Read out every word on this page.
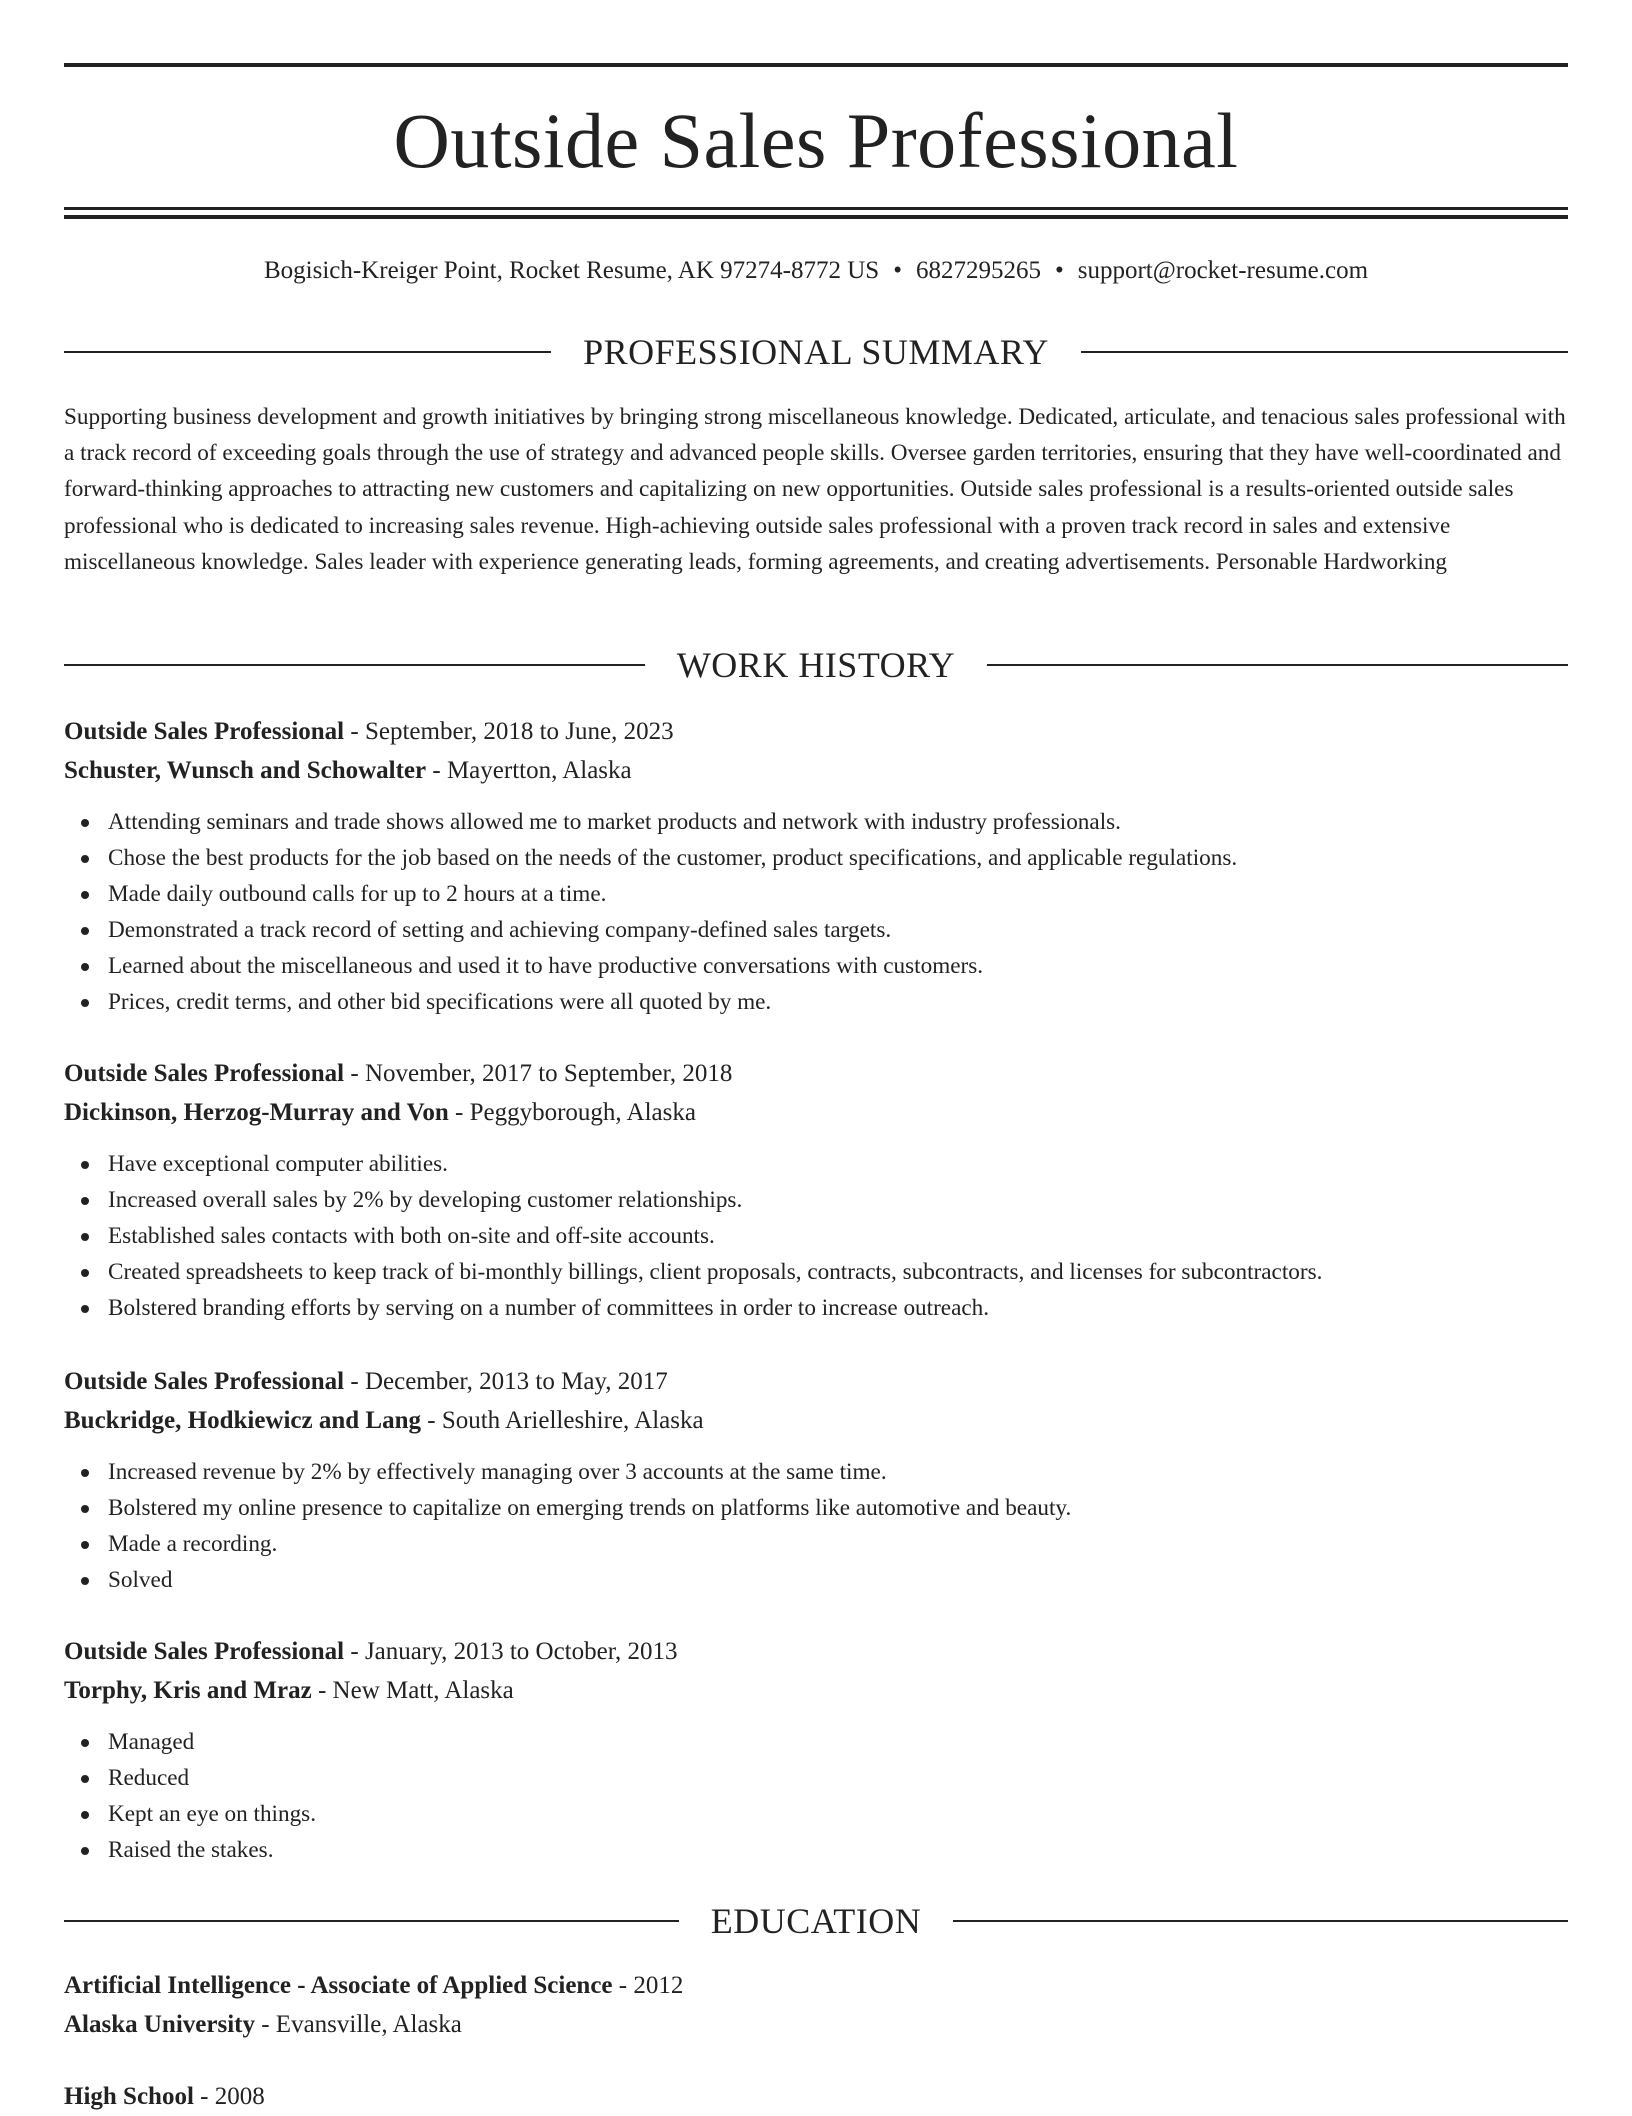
Outside Sales Professional
Bogisich-Kreiger Point, Rocket Resume, AK 97274-8772 US • 6827295265 • support@rocket-resume.com
PROFESSIONAL SUMMARY

Supporting business development and growth initiatives by bringing strong miscellaneous knowledge. Dedicated, articulate, and tenacious sales professional with a track record of exceeding goals through the use of strategy and advanced people skills. Oversee garden territories, ensuring that they have well-coordinated and forward-thinking approaches to attracting new customers and capitalizing on new opportunities. Outside sales professional is a results-oriented outside sales professional who is dedicated to increasing sales revenue. High-achieving outside sales professional with a proven track record in sales and extensive miscellaneous knowledge. Sales leader with experience generating leads, forming agreements, and creating advertisements. Personable Hardworking

WORK HISTORY
Outside Sales Professional - September, 2018 to June, 2023
Schuster, Wunsch and Schowalter - Mayertton, Alaska
Attending seminars and trade shows allowed me to market products and network with industry professionals.
Chose the best products for the job based on the needs of the customer, product specifications, and applicable regulations.
Made daily outbound calls for up to 2 hours at a time.
Demonstrated a track record of setting and achieving company-defined sales targets.
Learned about the miscellaneous and used it to have productive conversations with customers.
Prices, credit terms, and other bid specifications were all quoted by me.
Outside Sales Professional - November, 2017 to September, 2018
Dickinson, Herzog-Murray and Von - Peggyborough, Alaska
Have exceptional computer abilities.
Increased overall sales by 2% by developing customer relationships.
Established sales contacts with both on-site and off-site accounts.
Created spreadsheets to keep track of bi-monthly billings, client proposals, contracts, subcontracts, and licenses for subcontractors.
Bolstered branding efforts by serving on a number of committees in order to increase outreach.
Outside Sales Professional - December, 2013 to May, 2017
Buckridge, Hodkiewicz and Lang - South Arielleshire, Alaska
Increased revenue by 2% by effectively managing over 3 accounts at the same time.
Bolstered my online presence to capitalize on emerging trends on platforms like automotive and beauty.
Made a recording.
Solved
Outside Sales Professional - January, 2013 to October, 2013
Torphy, Kris and Mraz - New Matt, Alaska
Managed
Reduced
Kept an eye on things.
Raised the stakes.
EDUCATION
Artificial Intelligence - Associate of Applied Science - 2012
Alaska University - Evansville, Alaska
High School - 2008
